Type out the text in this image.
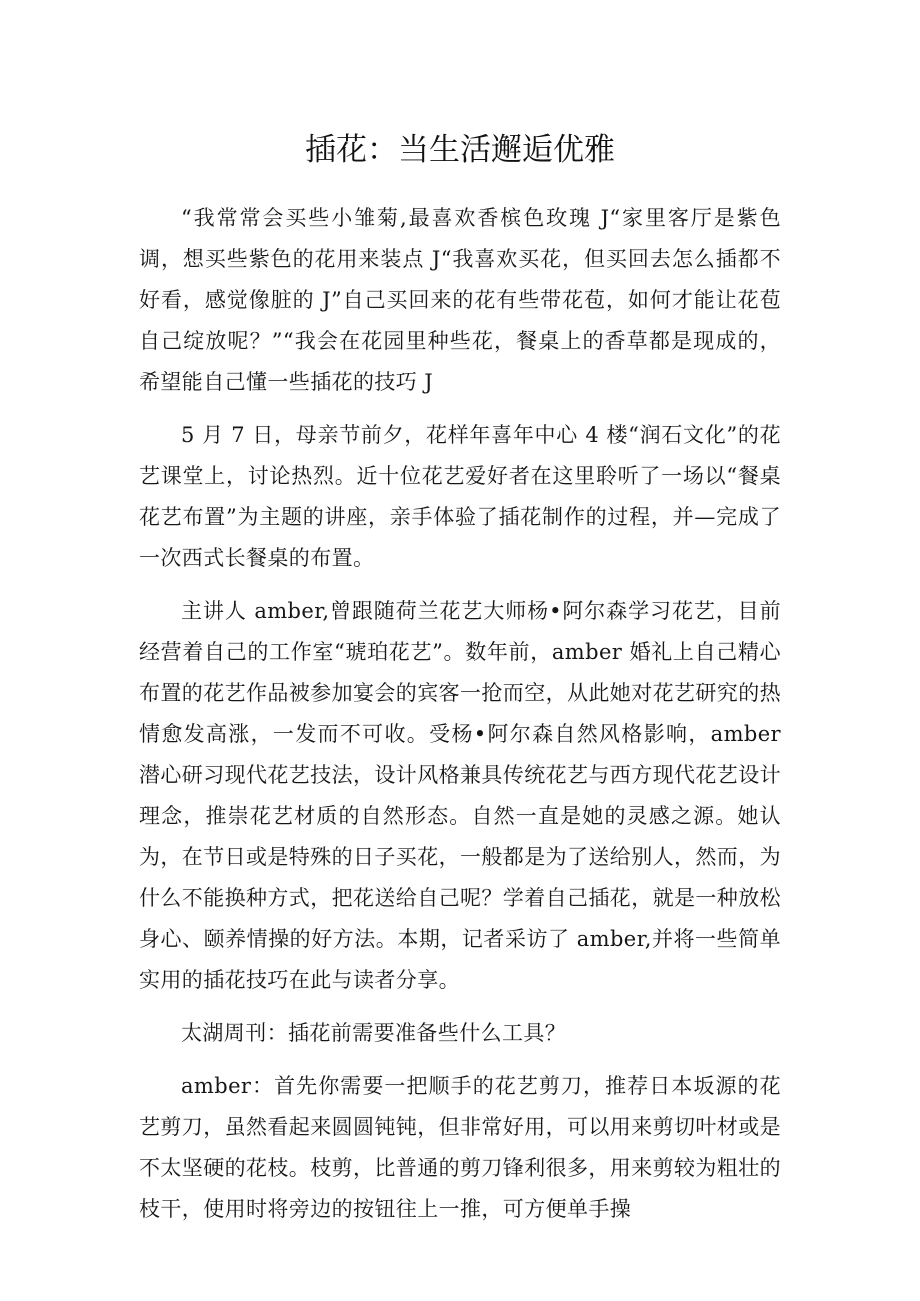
插花：当生活邂逅优雅

“我常常会买些小雏菊,最喜欢香槟色玫瑰 J“家里客厅是紫色调，想买些紫色的花用来装点 J“我喜欢买花，但买回去怎么插都不好看，感觉像脏的 J”自己买回来的花有些带花苞，如何才能让花苞自己绽放呢？”“我会在花园里种些花，餐桌上的香草都是现成的，希望能自己懂一些插花的技巧 J

5 月 7 日，母亲节前夕，花样年喜年中心 4 楼“润石文化”的花艺课堂上，讨论热烈。近十位花艺爱好者在这里聆听了一场以“餐桌花艺布置”为主题的讲座，亲手体验了插花制作的过程，并—完成了一次西式长餐桌的布置。

主讲人 amber,曾跟随荷兰花艺大师杨•阿尔森学习花艺，目前经营着自己的工作室“琥珀花艺”。数年前，amber 婚礼上自己精心布置的花艺作品被参加宴会的宾客一抢而空，从此她对花艺研究的热情愈发高涨，一发而不可收。受杨•阿尔森自然风格影响，amber 潜心研习现代花艺技法，设计风格兼具传统花艺与西方现代花艺设计理念，推崇花艺材质的自然形态。自然一直是她的灵感之源。她认为，在节日或是特殊的日子买花，一般都是为了送给别人，然而，为什么不能换种方式，把花送给自己呢？学着自己插花，就是一种放松身心、颐养情操的好方法。本期，记者采访了 amber,并将一些简单实用的插花技巧在此与读者分享。

太湖周刊：插花前需要准备些什么工具？

amber：首先你需要一把顺手的花艺剪刀，推荐日本坂源的花艺剪刀，虽然看起来圆圆钝钝，但非常好用，可以用来剪切叶材或是不太坚硬的花枝。枝剪，比普通的剪刀锋利很多，用来剪较为粗壮的枝干，使用时将旁边的按钮往上一推，可方便单手操
